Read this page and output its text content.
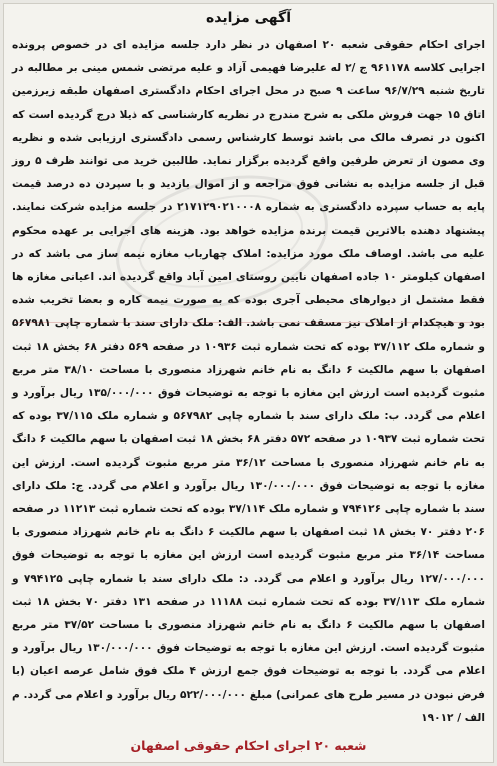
آگهی مزایده

اجرای احکام حقوقی شعبه ۲۰ اصفهان در نظر دارد جلسه مزایده ای در خصوص پرونده اجرایی کلاسه ۹۶۱۱۷۸ ج /۲ له علیرضا فهیمی آزاد و علیه مرتضی شمس مینی بر مطالبه در تاریخ شنبه ۹۶/۷/۲۹ ساعت ۹ صبح در محل اجرای احکام دادگستری اصفهان طبقه زیرزمین اتاق ۱۵ جهت فروش ملکی به شرح مندرج در نظریه کارشناسی که ذیلا درج گردیده است که اکنون در تصرف مالک می باشد توسط کارشناس رسمی دادگستری ارزیابی شده و نظریه وی مصون از تعرض طرفین واقع گردیده برگزار نماید. طالبین خرید می توانند ظرف ۵ روز قبل از جلسه مزایده به نشانی فوق مراجعه و از اموال بازدید و با سپردن ده درصد قیمت پایه به حساب سپرده دادگستری به شماره ۲۱۷۱۲۹۰۲۱۰۰۰۸ در جلسه مزایده شرکت نمایند. پیشنهاد دهنده بالاترین قیمت برنده مزایده خواهد بود. هزینه های اجرایی بر عهده محکوم علیه می باشد. اوصاف ملک مورد مزایده: املاک چهارباب مغازه نیمه ساز می باشد که در اصفهان کیلومتر ۱۰ جاده اصفهان نایین روستای امین آباد واقع گردیده اند. اعیانی مغازه ها فقط مشتمل از دیوارهای محیطی آجری بوده که به صورت نیمه کاره و بعضا تخریب شده بود و هیچکدام از املاک نیز مسقف نمی باشد. الف: ملک دارای سند با شماره چاپی ۵۶۷۹۸۱ و شماره ملک ۳۷/۱۱۲ بوده که تحت شماره ثبت ۱۰۹۳۶ در صفحه ۵۶۹ دفتر ۶۸ بخش ۱۸ ثبت اصفهان با سهم مالکیت ۶ دانگ به نام خانم شهرزاد منصوری با مساحت ۳۸/۱۰ متر مربع مثبوت گردیده است ارزش این مغازه با توجه به توضیحات فوق ۱۳۵/۰۰۰/۰۰۰ ریال برآورد و اعلام می گردد. ب: ملک دارای سند با شماره چاپی ۵۶۷۹۸۲ و شماره ملک ۳۷/۱۱۵ بوده که تحت شماره ثبت ۱۰۹۳۷ در صفحه ۵۷۲ دفتر ۶۸ بخش ۱۸ ثبت اصفهان با سهم مالکیت ۶ دانگ به نام خانم شهرزاد منصوری با مساحت ۳۶/۱۲ متر مربع مثبوت گردیده است. ارزش این مغازه با توجه به توضیحات فوق ۱۳۰/۰۰۰/۰۰۰ ریال برآورد و اعلام می گردد. ج: ملک دارای سند با شماره چاپی ۷۹۴۱۲۶ و شماره ملک ۳۷/۱۱۴ بوده که تحت شماره ثبت ۱۱۲۱۳ در صفحه ۲۰۶ دفتر ۷۰ بخش ۱۸ ثبت اصفهان با سهم مالکیت ۶ دانگ به نام خانم شهرزاد منصوری با مساحت ۳۶/۱۴ متر مربع مثبوت گردیده است ارزش این مغازه با توجه به توضیحات فوق ۱۲۷/۰۰۰/۰۰۰ ریال برآورد و اعلام می گردد. د: ملک دارای سند با شماره چاپی ۷۹۴۱۲۵ و شماره ملک ۳۷/۱۱۳ بوده که تحت شماره ثبت ۱۱۱۸۸ در صفحه ۱۳۱ دفتر ۷۰ بخش ۱۸ ثبت اصفهان با سهم مالکیت ۶ دانگ به نام خانم شهرزاد منصوری با مساحت ۳۷/۵۲ متر مربع مثبوت گردیده است. ارزش این مغازه با توجه به توضیحات فوق ۱۳۰/۰۰۰/۰۰۰ ریال برآورد و اعلام می گردد. با توجه به توضیحات فوق جمع ارزش ۴ ملک فوق شامل عرصه اعیان (با فرض نبودن در مسیر طرح های عمرانی) مبلغ ۵۲۲/۰۰۰/۰۰۰ ریال برآورد و اعلام می گردد. م الف / ۱۹۰۱۲

شعبه ۲۰ اجرای احکام حقوقی اصفهان
